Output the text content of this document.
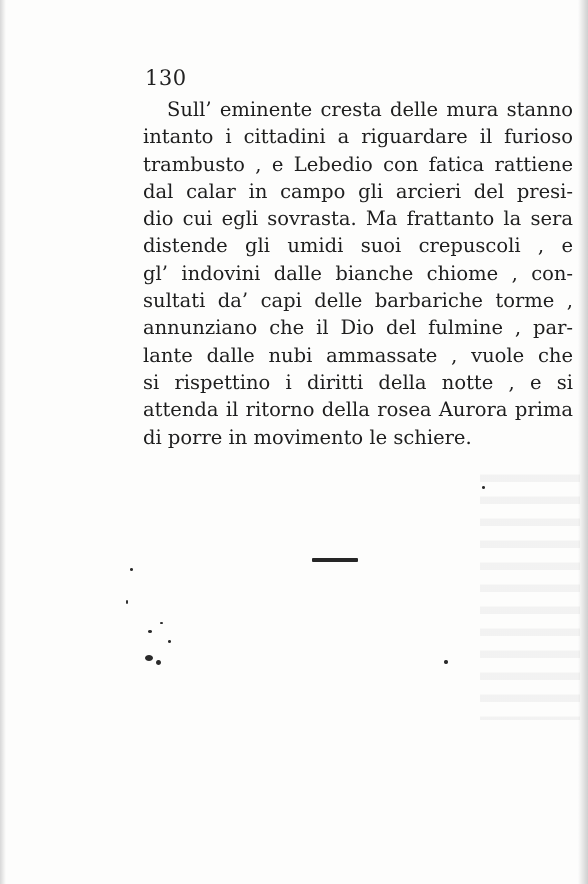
130
Sull’ eminente cresta delle mura stanno
intanto i cittadini a riguardare il furioso
trambusto , e Lebedio con fatica rattiene
dal calar in campo gli arcieri del presi-
dio cui egli sovrasta. Ma frattanto la sera
distende gli umidi suoi crepuscoli , e
gl’ indovini dalle bianche chiome , con-
sultati da’ capi delle barbariche torme ,
annunziano che il Dio del fulmine , par-
lante dalle nubi ammassate , vuole che
si rispettino i diritti della notte , e si
attenda il ritorno della rosea Aurora prima
di porre in movimento le schiere.
